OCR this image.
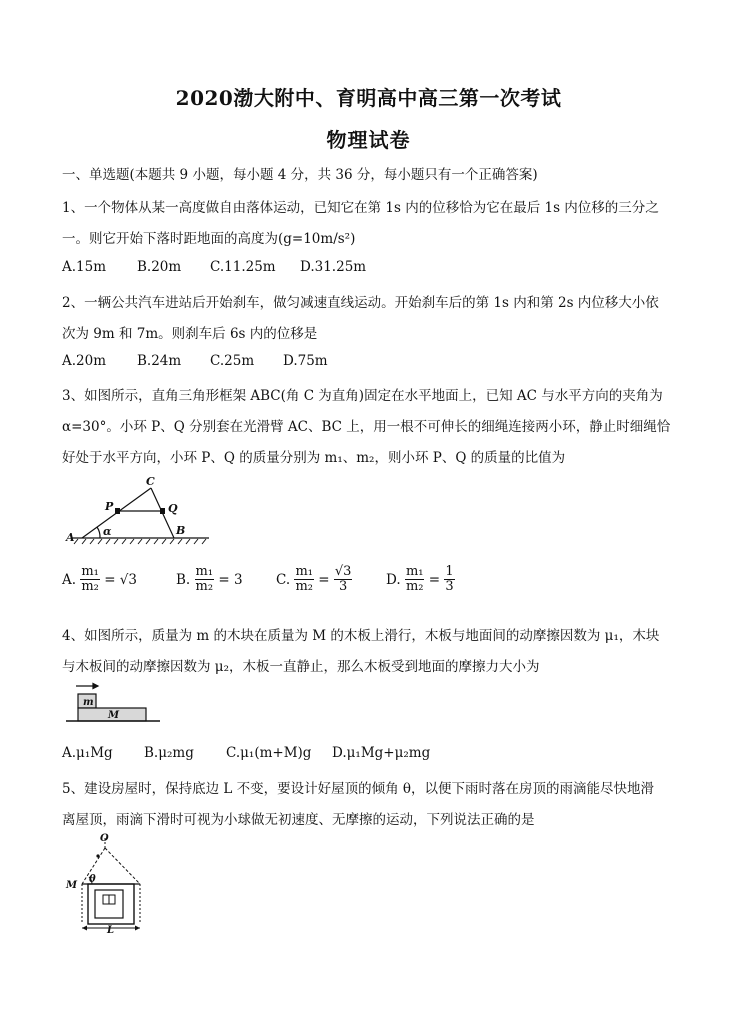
2020渤大附中、育明高中高三第一次考试
物理试卷
一、单选题(本题共 9 小题，每小题 4 分，共 36 分，每小题只有一个正确答案)
1、一个物体从某一高度做自由落体运动，已知它在第 1s 内的位移恰为它在最后 1s 内位移的三分之
一。则它开始下落时距地面的高度为(g=10m/s²)
A.15m B.20m C.11.25m D.31.25m
2、一辆公共汽车进站后开始刹车，做匀减速直线运动。开始刹车后的第 1s 内和第 2s 内位移大小依
次为 9m 和 7m。则刹车后 6s 内的位移是
A.20m B.24m C.25m D.75m
3、如图所示，直角三角形框架 ABC(角 C 为直角)固定在水平地面上，已知 AC 与水平方向的夹角为
α=30°。小环 P、Q 分别套在光滑臂 AC、BC 上，用一根不可伸长的细绳连接两小环，静止时细绳恰
好处于水平方向，小环 P、Q 的质量分别为 m₁、m₂，则小环 P、Q 的质量的比值为
A
B
C
P	Q
α
A. $\frac{\text{m₁}}{\text{m₂}} = √3$	B. $\frac{\text{m₁}}{\text{m₂}} = 3$ C. $\frac{\text{m₁}}{\text{m₂}} = \frac{√3}{3} D$. $\frac{\text{m₁}}{\text{m₂}} = \frac{1}{3}$
4、如图所示，质量为 m 的木块在质量为 M 的木板上滑行，木板与地面间的动摩擦因数为 μ₁，木块
与木板间的动摩擦因数为 μ₂，木板一直静止，那么木板受到地面的摩擦力大小为
m
M
A.μ₁Mg B.μ₂mg C.μ₁(m+M)g D.μ₁Mg+μ₂mg
5、建设房屋时，保持底边 L 不变，要设计好屋顶的倾角 θ，以便下雨时落在房顶的雨滴能尽快地滑
离屋顶，雨滴下滑时可视为小球做无初速度、无摩擦的运动，下列说法正确的是
O
M
θ
L
